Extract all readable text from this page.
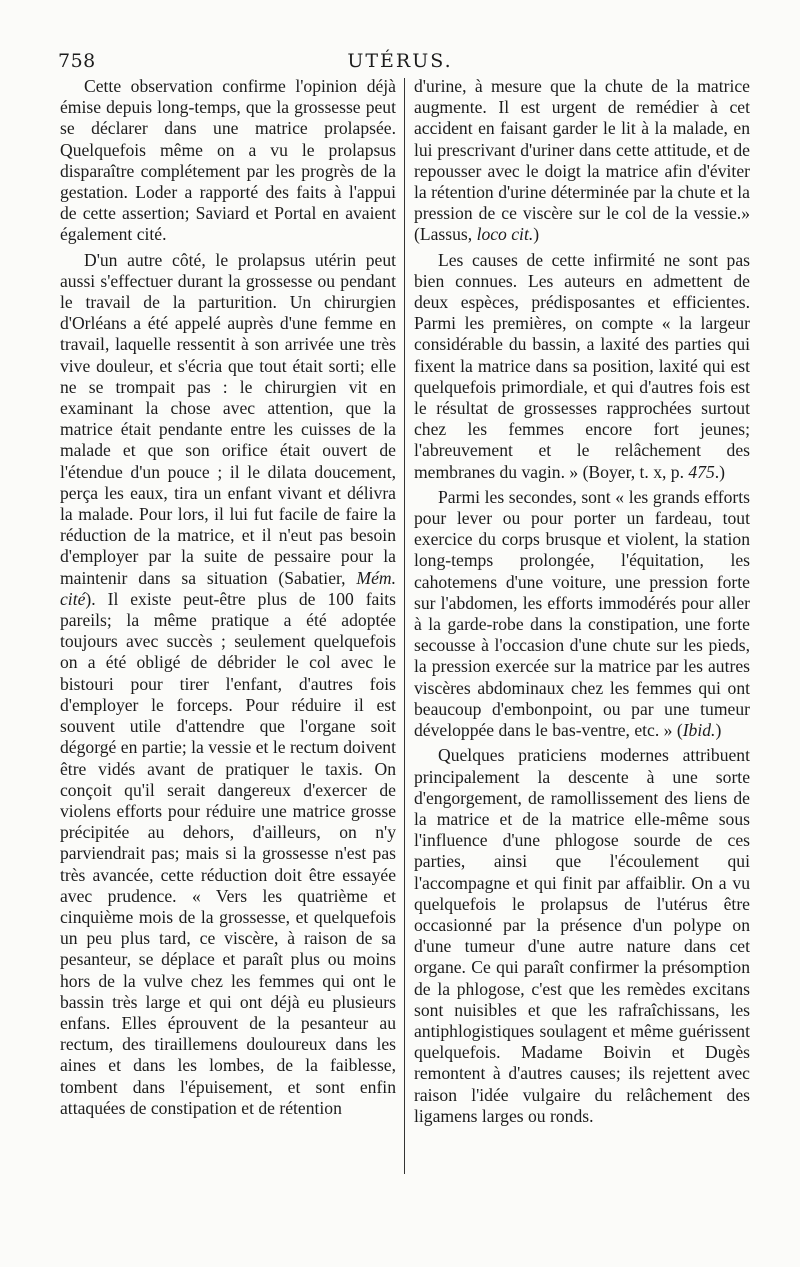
758	UTÉRUS.

Cette observation confirme l'opinion déjà émise depuis long-temps, que la grossesse peut se déclarer dans une matrice prolapsée. Quelquefois même on a vu le prolapsus disparaître complétement par les progrès de la gestation. Loder a rapporté des faits à l'appui de cette assertion; Saviard et Portal en avaient également cité.

D'un autre côté, le prolapsus utérin peut aussi s'effectuer durant la grossesse ou pendant le travail de la parturition. Un chirurgien d'Orléans a été appelé auprès d'une femme en travail, laquelle ressentit à son arrivée une très vive douleur, et s'écria que tout était sorti; elle ne se trompait pas : le chirurgien vit en examinant la chose avec attention, que la matrice était pendante entre les cuisses de la malade et que son orifice était ouvert de l'étendue d'un pouce ; il le dilata doucement, perça les eaux, tira un enfant vivant et délivra la malade. Pour lors, il lui fut facile de faire la réduction de la matrice, et il n'eut pas besoin d'employer par la suite de pessaire pour la maintenir dans sa situation (Sabatier, Mém. cité). Il existe peut-être plus de 100 faits pareils; la même pratique a été adoptée toujours avec succès ; seulement quelquefois on a été obligé de débrider le col avec le bistouri pour tirer l'enfant, d'autres fois d'employer le forceps. Pour réduire il est souvent utile d'attendre que l'organe soit dégorgé en partie; la vessie et le rectum doivent être vidés avant de pratiquer le taxis. On conçoit qu'il serait dangereux d'exercer de violens efforts pour réduire une matrice grosse précipitée au dehors, d'ailleurs, on n'y parviendrait pas; mais si la grossesse n'est pas très avancée, cette réduction doit être essayée avec prudence. « Vers les quatrième et cinquième mois de la grossesse, et quelquefois un peu plus tard, ce viscère, à raison de sa pesanteur, se déplace et paraît plus ou moins hors de la vulve chez les femmes qui ont le bassin très large et qui ont déjà eu plusieurs enfans. Elles éprouvent de la pesanteur au rectum, des tiraillemens douloureux dans les aines et dans les lombes, de la faiblesse, tombent dans l'épuisement, et sont enfin attaquées de constipation et de rétention

d'urine, à mesure que la chute de la matrice augmente. Il est urgent de remédier à cet accident en faisant garder le lit à la malade, en lui prescrivant d'uriner dans cette attitude, et de repousser avec le doigt la matrice afin d'éviter la rétention d'urine déterminée par la chute et la pression de ce viscère sur le col de la vessie.» (Lassus, loco cit.)

Les causes de cette infirmité ne sont pas bien connues. Les auteurs en admettent de deux espèces, prédisposantes et efficientes. Parmi les premières, on compte « la largeur considérable du bassin, a laxité des parties qui fixent la matrice dans sa position, laxité qui est quelquefois primordiale, et qui d'autres fois est le résultat de grossesses rapprochées surtout chez les femmes encore fort jeunes; l'abreuvement et le relâchement des membranes du vagin. » (Boyer, t. x, p. 475.)

Parmi les secondes, sont « les grands efforts pour lever ou pour porter un fardeau, tout exercice du corps brusque et violent, la station long-temps prolongée, l'équitation, les cahotemens d'une voiture, une pression forte sur l'abdomen, les efforts immodérés pour aller à la garde-robe dans la constipation, une forte secousse à l'occasion d'une chute sur les pieds, la pression exercée sur la matrice par les autres viscères abdominaux chez les femmes qui ont beaucoup d'embonpoint, ou par une tumeur développée dans le bas-ventre, etc. » (Ibid.)

Quelques praticiens modernes attribuent principalement la descente à une sorte d'engorgement, de ramollissement des liens de la matrice et de la matrice elle-même sous l'influence d'une phlogose sourde de ces parties, ainsi que l'écoulement qui l'accompagne et qui finit par affaiblir. On a vu quelquefois le prolapsus de l'utérus être occasionné par la présence d'un polype on d'une tumeur d'une autre nature dans cet organe. Ce qui paraît confirmer la présomption de la phlogose, c'est que les remèdes excitans sont nuisibles et que les rafraîchissans, les antiphlogistiques soulagent et même guérissent quelquefois. Madame Boivin et Dugès remontent à d'autres causes; ils rejettent avec raison l'idée vulgaire du relâchement des ligamens larges ou ronds.
